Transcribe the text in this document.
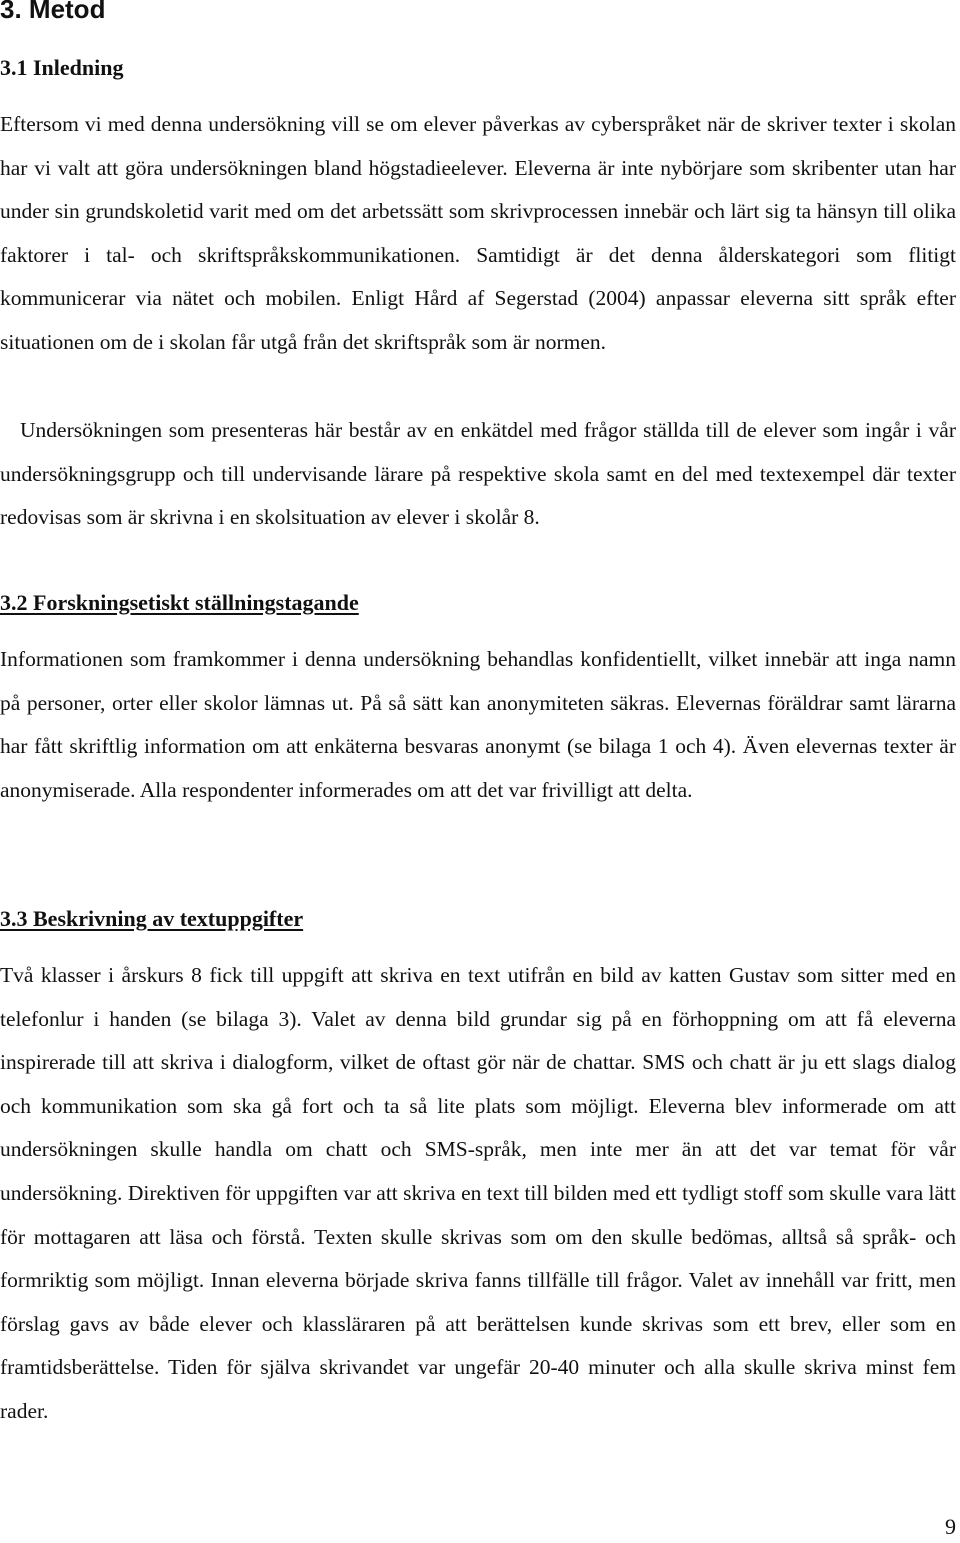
3. Metod
3.1 Inledning

Eftersom vi med denna undersökning vill se om elever påverkas av cyberspråket när de skriver texter i skolan har vi valt att göra undersökningen bland högstadieelever. Eleverna är inte nybörjare som skribenter utan har under sin grundskoletid varit med om det arbetssätt som skrivprocessen innebär och lärt sig ta hänsyn till olika faktorer i tal- och skriftspråkskommunikationen. Samtidigt är det denna ålderskategori som flitigt kommunicerar via nätet och mobilen. Enligt Hård af Segerstad (2004) anpassar eleverna sitt språk efter situationen om de i skolan får utgå från det skriftspråk som är normen.

Undersökningen som presenteras här består av en enkätdel med frågor ställda till de elever som ingår i vår undersökningsgrupp och till undervisande lärare på respektive skola samt en del med textexempel där texter redovisas som är skrivna i en skolsituation av elever i skolår 8.

3.2 Forskningsetiskt ställningstagande

Informationen som framkommer i denna undersökning behandlas konfidentiellt, vilket innebär att inga namn på personer, orter eller skolor lämnas ut. På så sätt kan anonymiteten säkras. Elevernas föräldrar samt lärarna har fått skriftlig information om att enkäterna besvaras anonymt (se bilaga 1 och 4). Även elevernas texter är anonymiserade. Alla respondenter informerades om att det var frivilligt att delta.

3.3 Beskrivning av textuppgifter

Två klasser i årskurs 8 fick till uppgift att skriva en text utifrån en bild av katten Gustav som sitter med en telefonlur i handen (se bilaga 3). Valet av denna bild grundar sig på en förhoppning om att få eleverna inspirerade till att skriva i dialogform, vilket de oftast gör när de chattar. SMS och chatt är ju ett slags dialog och kommunikation som ska gå fort och ta så lite plats som möjligt. Eleverna blev informerade om att undersökningen skulle handla om chatt och SMS-språk, men inte mer än att det var temat för vår undersökning. Direktiven för uppgiften var att skriva en text till bilden med ett tydligt stoff som skulle vara lätt för mottagaren att läsa och förstå. Texten skulle skrivas som om den skulle bedömas, alltså så språk- och formriktig som möjligt. Innan eleverna började skriva fanns tillfälle till frågor. Valet av innehåll var fritt, men förslag gavs av både elever och klassläraren på att berättelsen kunde skrivas som ett brev, eller som en framtidsberättelse. Tiden för själva skrivandet var ungefär 20-40 minuter och alla skulle skriva minst fem rader.

9
